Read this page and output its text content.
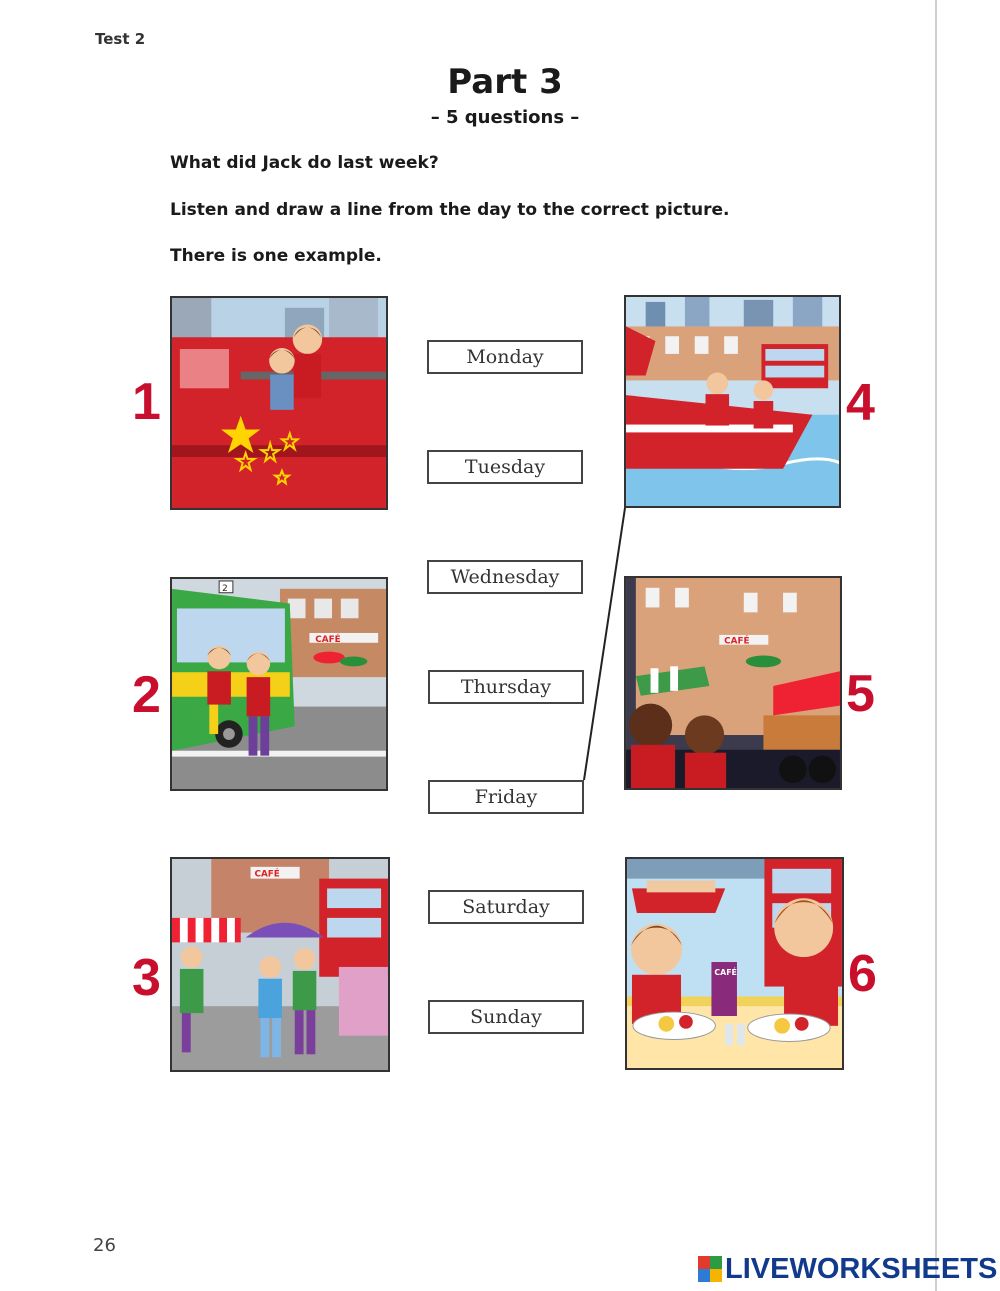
Test 2
Part 3
– 5 questions –
What did Jack do last week?
Listen and draw a line from the day to the correct picture.
There is one example.
1
CAFÉ
2
2
CAFÉ
3
4
CAFÉ
5
CAFÉ 6
Monday
Tuesday
Wednesday
Thursday
Friday
Saturday
Sunday
26
LIVEWORKSHEETS
